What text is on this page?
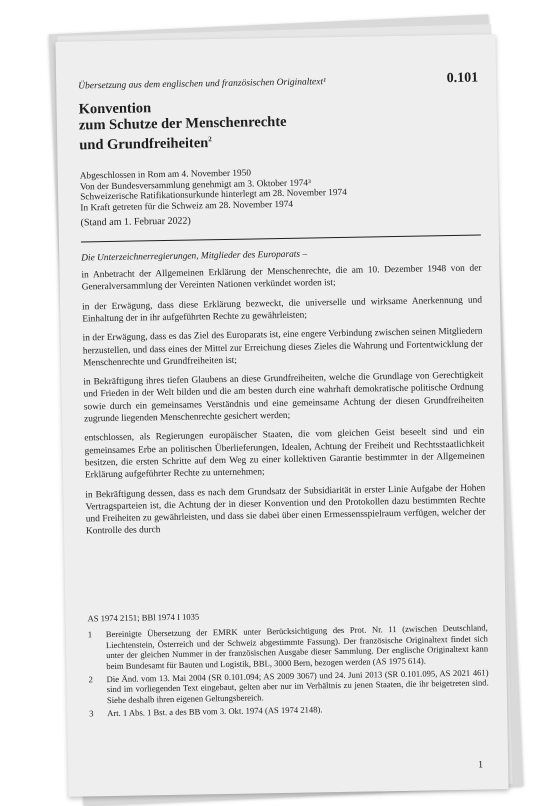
Übersetzung aus dem englischen und französischen Originaltext¹	0.101
Konvention
zum Schutze der Menschenrechte
und Grundfreiheiten$^2$
Abgeschlossen in Rom am 4. November 1950
Von der Bundesversammlung genehmigt am 3. Oktober 1974³
Schweizerische Ratifikationsurkunde hinterlegt am 28. November 1974
In Kraft getreten für die Schweiz am 28. November 1974
(Stand am 1. Februar 2022)
Die Unterzeichnerregierungen, Mitglieder des Europarats –

in Anbetracht der Allgemeinen Erklärung der Menschenrechte, die am 10. Dezember 1948 von der Generalversammlung der Vereinten Nationen verkündet worden ist;

in der Erwägung, dass diese Erklärung bezweckt, die universelle und wirksame Anerkennung und Einhaltung der in ihr aufgeführten Rechte zu gewährleisten;

in der Erwägung, dass es das Ziel des Europarats ist, eine engere Verbindung zwischen seinen Mitgliedern herzustellen, und dass eines der Mittel zur Erreichung dieses Zieles die Wahrung und Fortentwicklung der Menschenrechte und Grundfreiheiten ist;

in Bekräftigung ihres tiefen Glaubens an diese Grundfreiheiten, welche die Grundlage von Gerechtigkeit und Frieden in der Welt bilden und die am besten durch eine wahrhaft demokratische politische Ordnung sowie durch ein gemeinsames Verständnis und eine gemeinsame Achtung der diesen Grundfreiheiten zugrunde liegenden Menschenrechte gesichert werden;

entschlossen, als Regierungen europäischer Staaten, die vom gleichen Geist beseelt sind und ein gemeinsames Erbe an politischen Überlieferungen, Idealen, Achtung der Freiheit und Rechtsstaatlichkeit besitzen, die ersten Schritte auf dem Weg zu einer kollektiven Garantie bestimmter in der Allgemeinen Erklärung aufgeführter Rechte zu unternehmen;

in Bekräftigung dessen, dass es nach dem Grundsatz der Subsidiarität in erster Linie Aufgabe der Hohen Vertragsparteien ist, die Achtung der in dieser Konvention und den Protokollen dazu bestimmten Rechte und Freiheiten zu gewährleisten, und dass sie dabei über einen Ermessensspielraum verfügen, welcher der Kontrolle des durch

AS 1974 2151; BBl 1974 I 1035
1	Bereinigte Übersetzung der EMRK unter Berücksichtigung des Prot. Nr. 11 (zwischen Deutschland, Liechtenstein, Österreich und der Schweiz abgestimmte Fassung). Der französische Originaltext findet sich unter der gleichen Nummer in der französischen Ausgabe dieser Sammlung. Der englische Originaltext kann beim Bundesamt für Bauten und Logistik, BBL, 3000 Bern, bezogen werden (AS 1975 614).
2	Die Änd. vom 13. Mai 2004 (SR 0.101.094; AS 2009 3067) und 24. Juni 2013 (SR 0.101.095, AS 2021 461) sind im vorliegenden Text eingebaut, gelten aber nur im Verhältnis zu jenen Staaten, die ihr beigetreten sind. Siehe deshalb ihren eigenen Geltungsbereich.
3	Art. 1 Abs. 1 Bst. a des BB vom 3. Okt. 1974 (AS 1974 2148).
1
